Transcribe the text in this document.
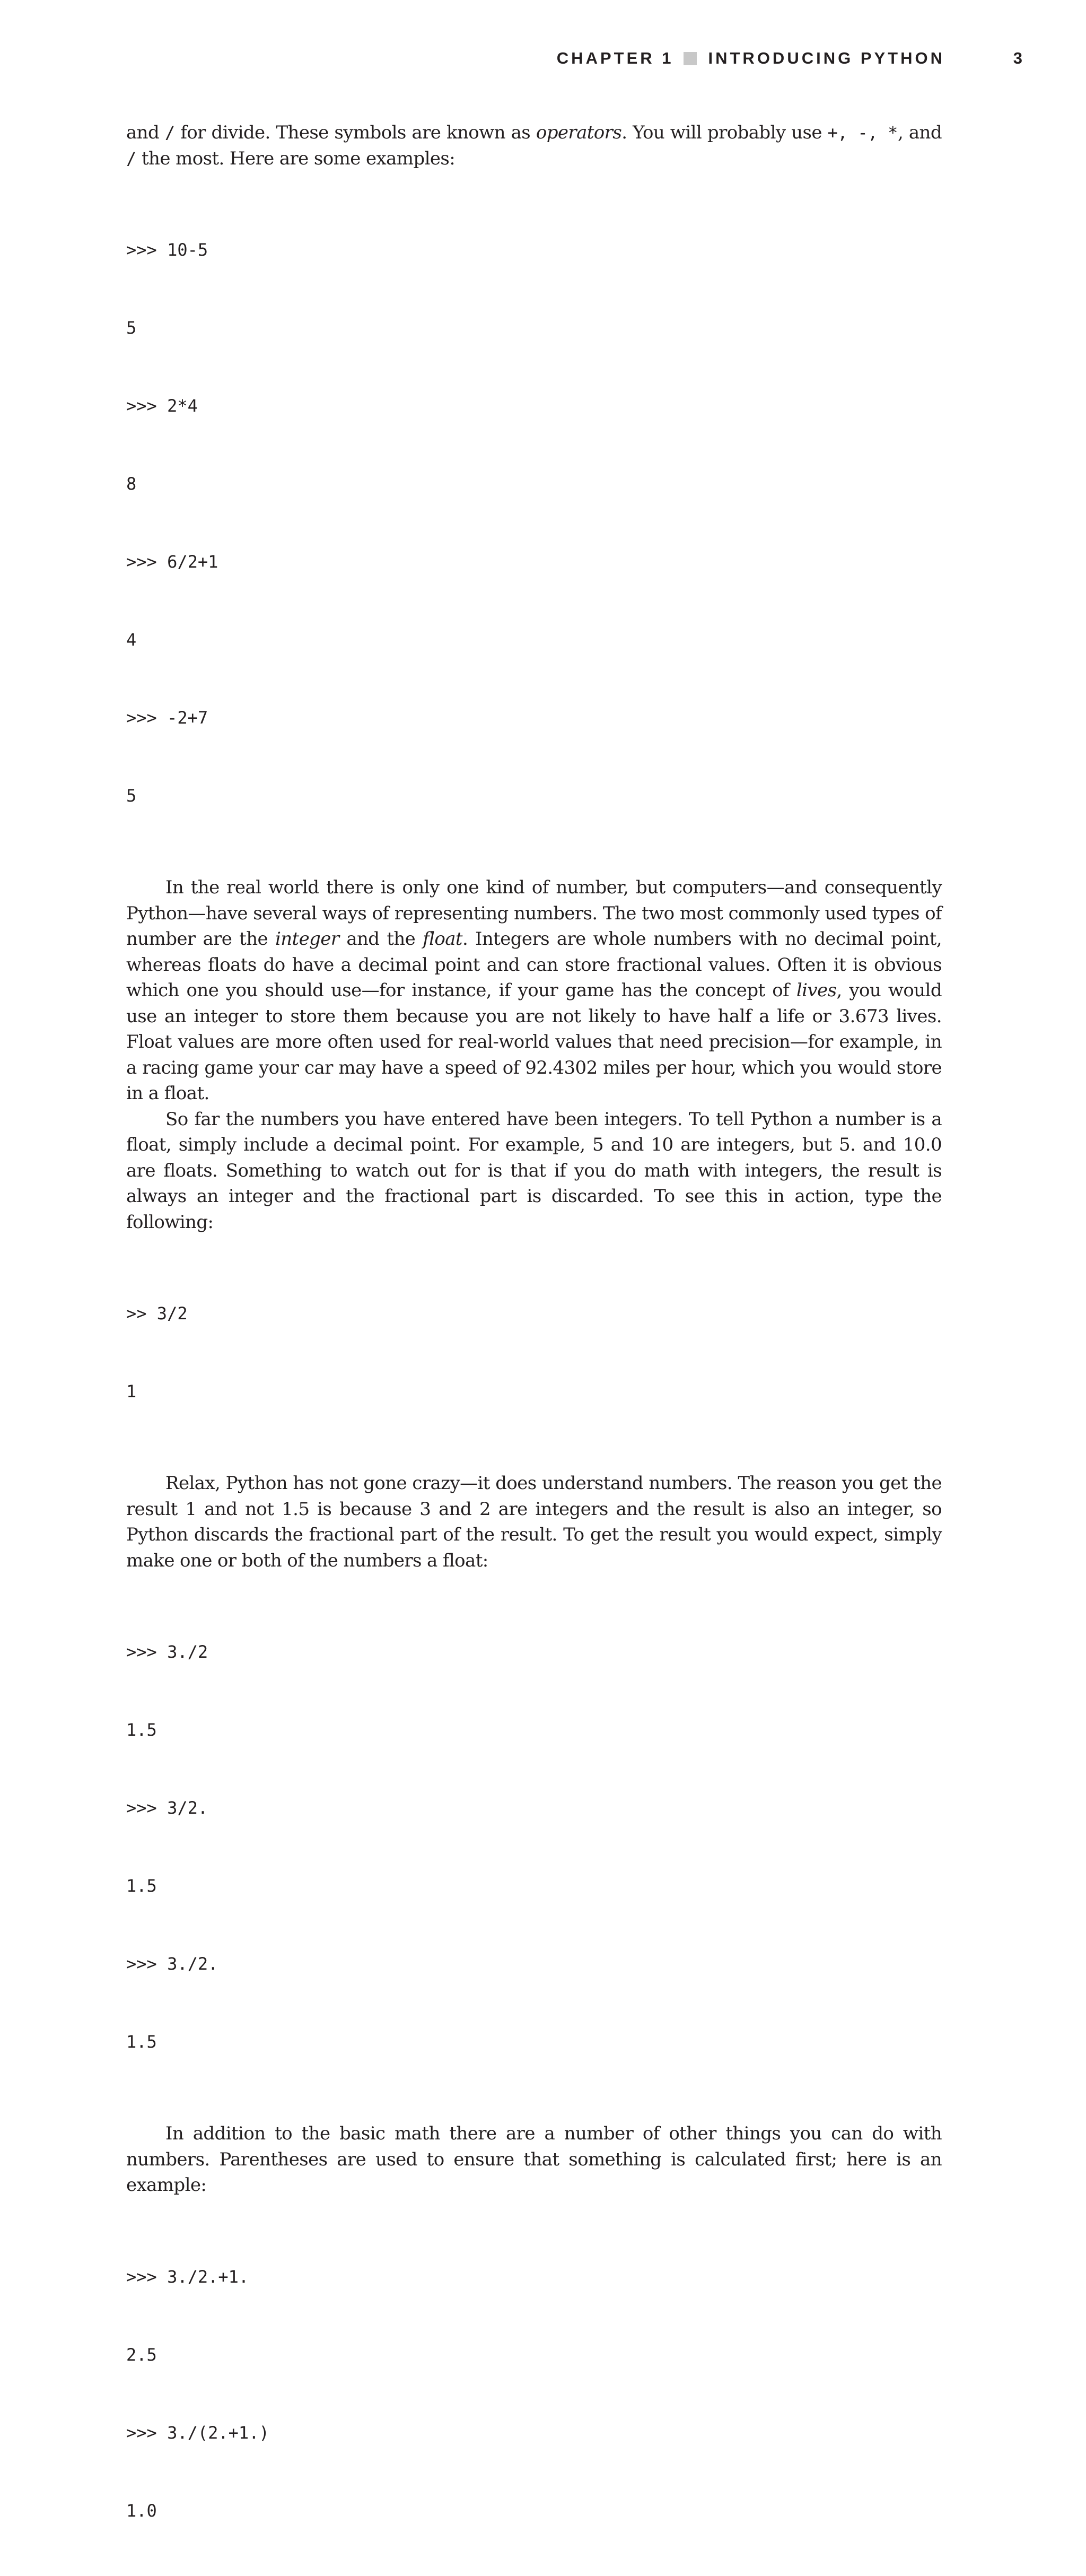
CHAPTER 1 INTRODUCING PYTHON	3

and / for divide. These symbols are known as operators. You will probably use +, -, *, and / the most. Here are some examples:

>>> 10-5

5

>>> 2*4

8

>>> 6/2+1

4

>>> -2+7

5

In the real world there is only one kind of number, but computers—and consequently Python—have several ways of representing numbers. The two most commonly used types of number are the integer and the float. Integers are whole numbers with no decimal point, whereas floats do have a decimal point and can store fractional values. Often it is obvious which one you should use—for instance, if your game has the concept of lives, you would use an integer to store them because you are not likely to have half a life or 3.673 lives. Float values are more often used for real-world values that need precision—for example, in a racing game your car may have a speed of 92.4302 miles per hour, which you would store in a float.

So far the numbers you have entered have been integers. To tell Python a number is a float, simply include a decimal point. For example, 5 and 10 are integers, but 5. and 10.0 are floats. Something to watch out for is that if you do math with integers, the result is always an integer and the fractional part is discarded. To see this in action, type the following:

>> 3/2

1

Relax, Python has not gone crazy—it does understand numbers. The reason you get the result 1 and not 1.5 is because 3 and 2 are integers and the result is also an integer, so Python discards the fractional part of the result. To get the result you would expect, simply make one or both of the numbers a float:

>>> 3./2

1.5

>>> 3/2.

1.5

>>> 3./2.

1.5

In addition to the basic math there are a number of other things you can do with numbers. Parentheses are used to ensure that something is calculated first; here is an example:

>>> 3./2.+1.

2.5

>>> 3./(2.+1.)

1.0
